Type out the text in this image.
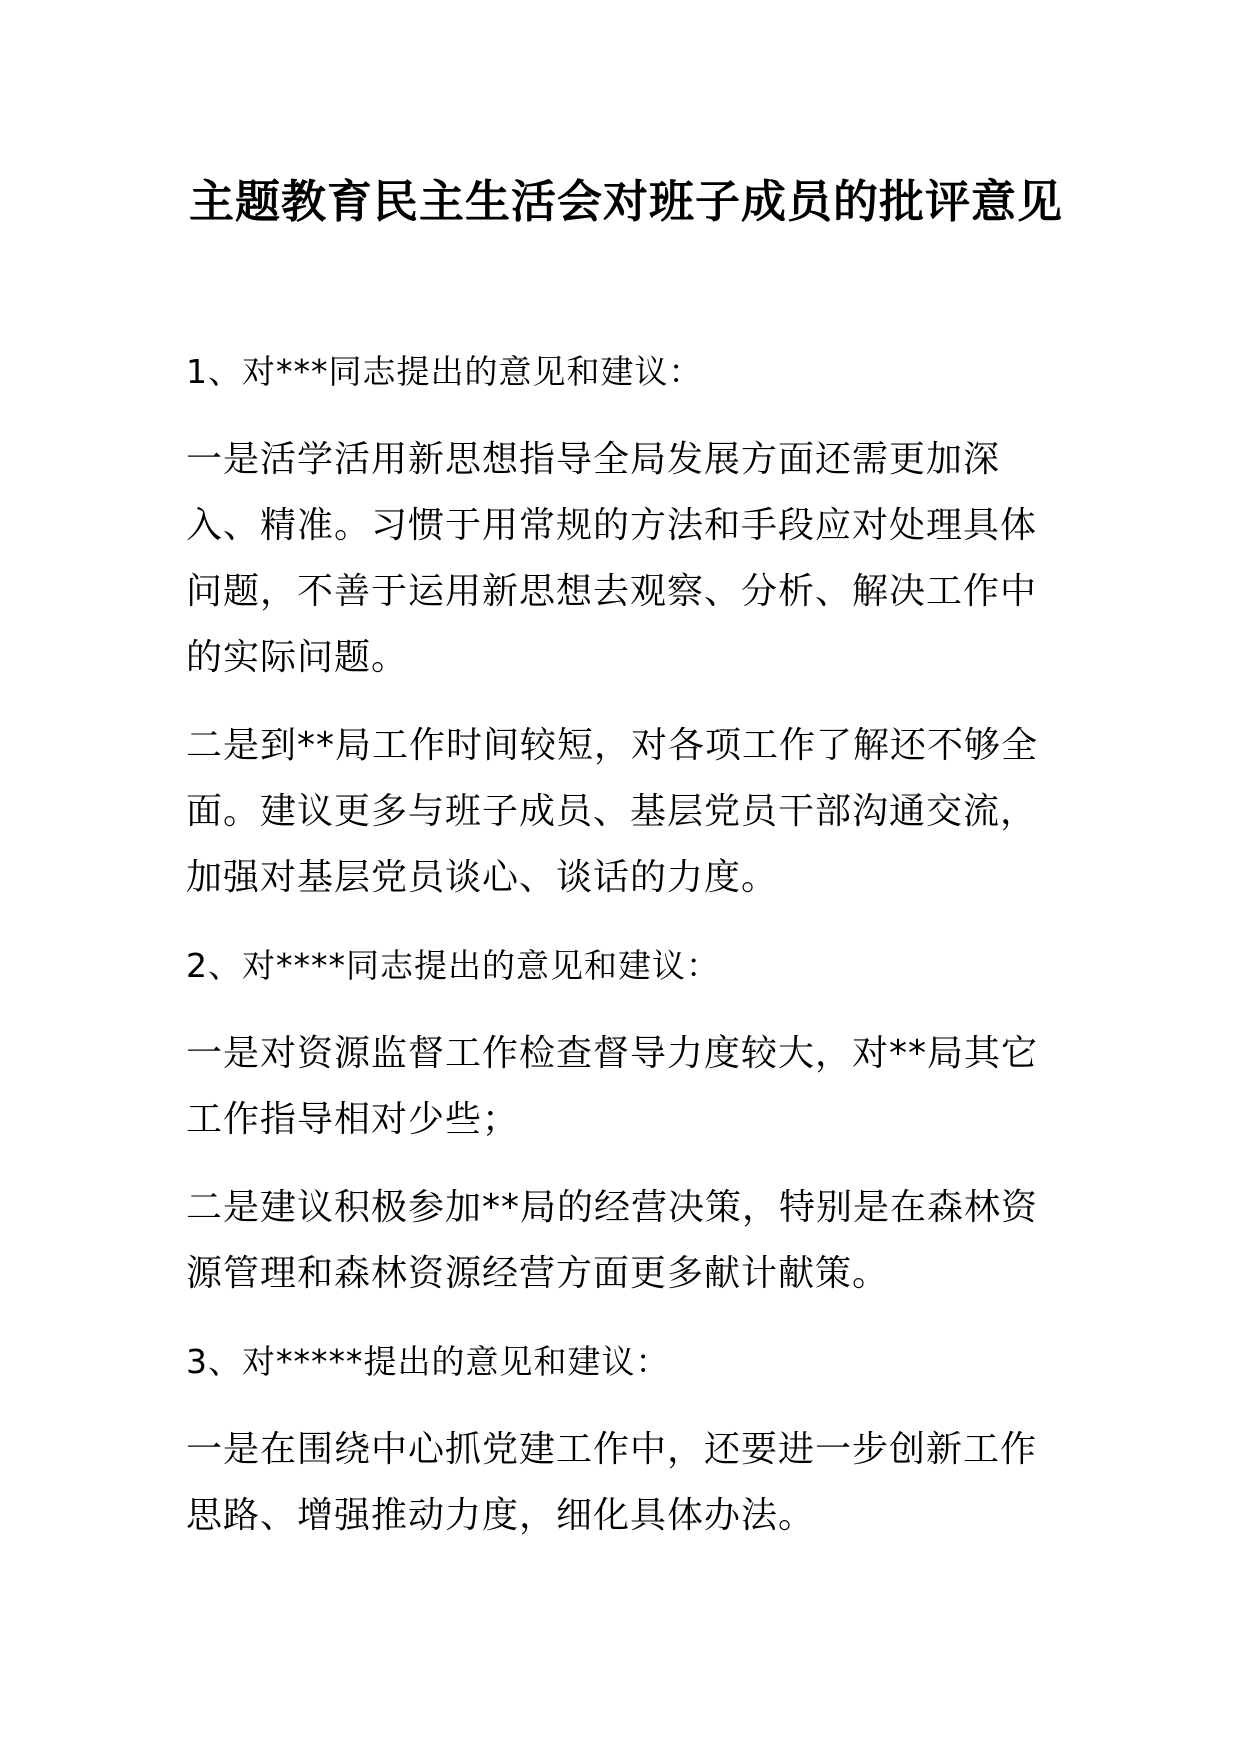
主题教育民主生活会对班子成员的批评意见

1、对***同志提出的意见和建议：

一是活学活用新思想指导全局发展方面还需更加深入、精准。习惯于用常规的方法和手段应对处理具体问题，不善于运用新思想去观察、分析、解决工作中的实际问题。

二是到**局工作时间较短，对各项工作了解还不够全面。建议更多与班子成员、基层党员干部沟通交流，加强对基层党员谈心、谈话的力度。

2、对****同志提出的意见和建议：

一是对资源监督工作检查督导力度较大，对**局其它工作指导相对少些；

二是建议积极参加**局的经营决策，特别是在森林资源管理和森林资源经营方面更多献计献策。

3、对*****提出的意见和建议：

一是在围绕中心抓党建工作中，还要进一步创新工作思路、增强推动力度，细化具体办法。
